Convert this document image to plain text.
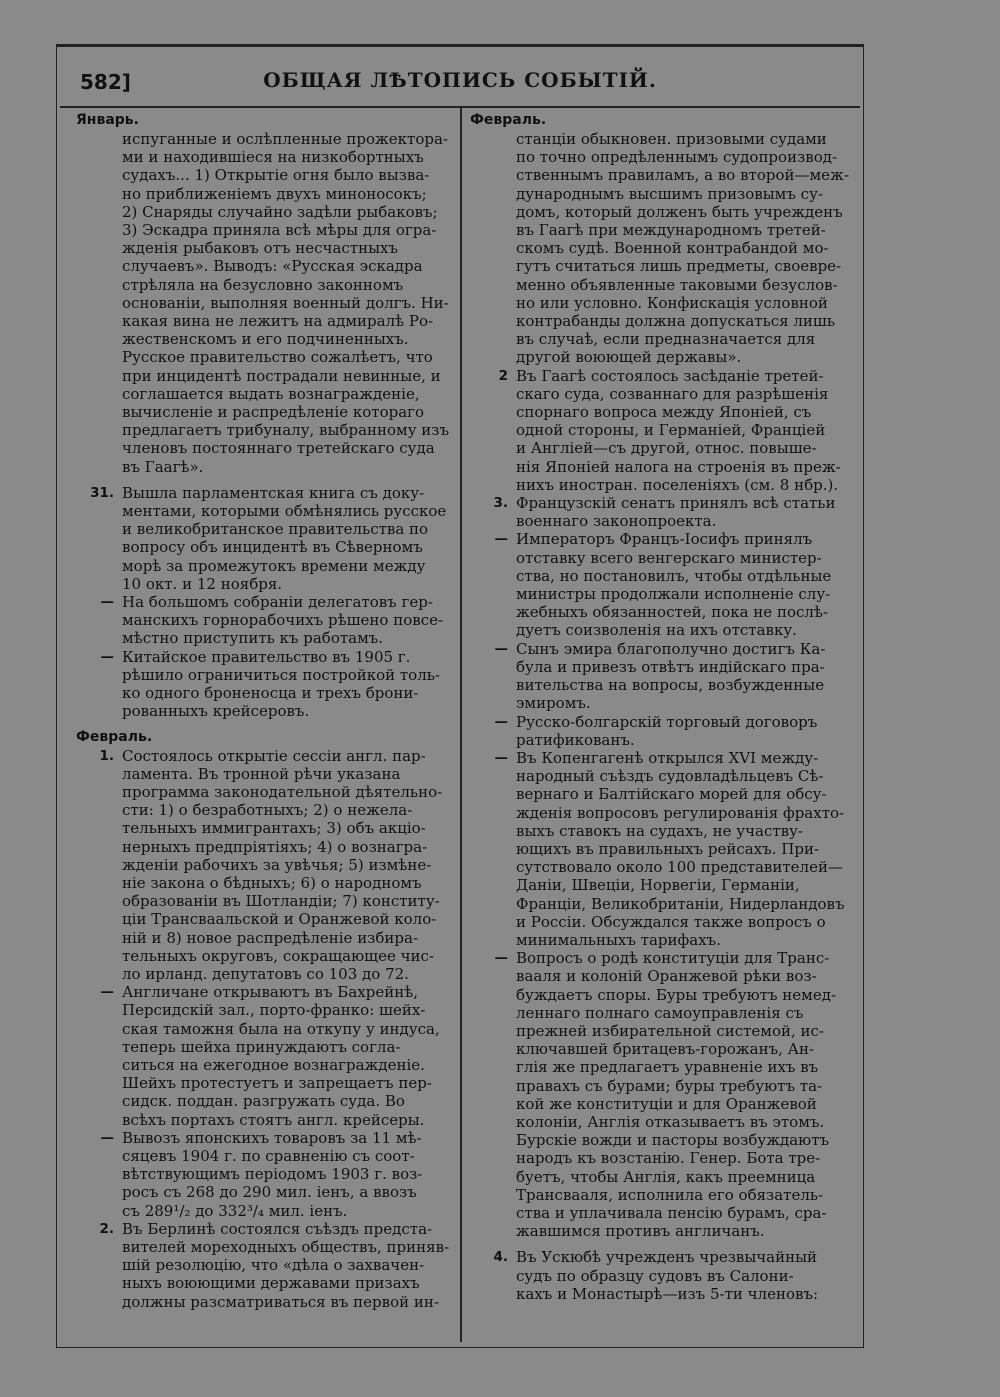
582]	ОБЩАЯ ЛѢТОПИСЬ СОБЫТІЙ.
Январь.
испуганные и ослѣпленные прожектора-
ми и находившіеся на низкобортныхъ
судахъ... 1) Открытіе огня было вызва-
но приближеніемъ двухъ миноносокъ;
2) Снаряды случайно задѣли рыбаковъ;
3) Эскадра приняла всѣ мѣры для огра-
жденія рыбаковъ отъ несчастныхъ
случаевъ». Выводъ: «Русская эскадра
стрѣляла на безусловно законномъ
основаніи, выполняя военный долгъ. Ни-
какая вина не лежитъ на адмиралѣ Ро-
жественскомъ и его подчиненныхъ.
Русское правительство сожалѣетъ, что
при инцидентѣ пострадали невинные, и
соглашается выдать вознагражденіе,
вычисленіе и распредѣленіе котораго
предлагаетъ трибуналу, выбранному изъ
членовъ постояннаго третейскаго суда
въ Гаагѣ».
31. Вышла парламентская книга съ доку-
ментами, которыми обмѣнялись русское
и великобританское правительства по
вопросу объ инцидентѣ въ Сѣверномъ
морѣ за промежутокъ времени между
10 окт. и 12 ноября.
— На большомъ собраніи делегатовъ гер-
манскихъ горнорабочихъ рѣшено повсе-
мѣстно приступить къ работамъ.
— Китайское правительство въ 1905 г.
рѣшило ограничиться постройкой толь-
ко одного броненосца и трехъ брони-
рованныхъ крейсеровъ.
Февраль.
1. Состоялось открытіе сессіи англ. пар-
ламента. Въ тронной рѣчи указана
программа законодательной дѣятельно-
сти: 1) о безработныхъ; 2) о нежела-
тельныхъ иммигрантахъ; 3) объ акціо-
нерныхъ предпріятіяхъ; 4) о вознагра-
жденіи рабочихъ за увѣчья; 5) измѣне-
ніе закона о бѣдныхъ; 6) о народномъ
образованіи въ Шотландіи; 7) конститу-
ціи Трансваальской и Оранжевой коло-
ній и 8) новое распредѣленіе избира-
тельныхъ округовъ, сокращающее чис-
ло ирланд. депутатовъ со 103 до 72.
— Англичане открываютъ въ Бахрейнѣ,
Персидскій зал., порто-франко: шейх-
ская таможня была на откупу у индуса,
теперь шейха принуждаютъ согла-
ситься на ежегодное вознагражденіе.
Шейхъ протестуетъ и запрещаетъ пер-
сидск. поддан. разгружать суда. Во
всѣхъ портахъ стоятъ англ. крейсеры.
— Вывозъ японскихъ товаровъ за 11 мѣ-
сяцевъ 1904 г. по сравненію съ соот-
вѣтствующимъ періодомъ 1903 г. воз-
росъ съ 268 до 290 мил. іенъ, а ввозъ
съ 289¹/₂ до 332³/₄ мил. іенъ.
2. Въ Берлинѣ состоялся съѣздъ предста-
вителей мореходныхъ обществъ, приняв-
шій резолюцію, что «дѣла о захвачен-
ныхъ воюющими державами призахъ
должны разсматриваться въ первой ин-
Февраль.
станціи обыкновен. призовыми судами
по точно опредѣленнымъ судопроизвод-
ственнымъ правиламъ, а во второй—меж-
дународнымъ высшимъ призовымъ су-
домъ, который долженъ быть учрежденъ
въ Гаагѣ при международномъ третей-
скомъ судѣ. Военной контрабандой мо-
гутъ считаться лишь предметы, своевре-
менно объявленные таковыми безуслов-
но или условно. Конфискація условной
контрабанды должна допускаться лишь
въ случаѣ, если предназначается для
другой воюющей державы».
2 Въ Гаагѣ состоялось засѣданіе третей-
скаго суда, созваннаго для разрѣшенія
спорнаго вопроса между Японіей, съ
одной стороны, и Германіей, Франціей
и Англіей—съ другой, относ. повыше-
нія Японіей налога на строенія въ преж-
нихъ иностран. поселеніяхъ (см. 8 нбр.).
3. Французскій сенатъ принялъ всѣ статьи
военнаго законопроекта.
— Императоръ Францъ-Іосифъ принялъ
отставку всего венгерскаго министер-
ства, но постановилъ, чтобы отдѣльные
министры продолжали исполненіе слу-
жебныхъ обязанностей, пока не послѣ-
дуетъ соизволенія на ихъ отставку.
— Сынъ эмира благополучно достигъ Ка-
була и привезъ отвѣтъ индійскаго пра-
вительства на вопросы, возбужденные
эмиромъ.
— Русско-болгарскій торговый договоръ
ратификованъ.
— Въ Копенгагенѣ открылся XVI между-
народный съѣздъ судовладѣльцевъ Сѣ-
вернаго и Балтійскаго морей для обсу-
жденія вопросовъ регулированія фрахто-
выхъ ставокъ на судахъ, не участву-
ющихъ въ правильныхъ рейсахъ. При-
сутствовало около 100 представителей—
Даніи, Швеціи, Норвегіи, Германіи,
Франціи, Великобританіи, Нидерландовъ
и Россіи. Обсуждался также вопросъ о
минимальныхъ тарифахъ.
— Вопросъ о родѣ конституціи для Транс-
вааля и колоній Оранжевой рѣки воз-
буждаетъ споры. Буры требуютъ немед-
леннаго полнаго самоуправленія съ
прежней избирательной системой, ис-
ключавшей бритацевъ-горожанъ, Ан-
глія же предлагаетъ уравненіе ихъ въ
правахъ съ бурами; буры требуютъ та-
кой же конституціи и для Оранжевой
колоніи, Англія отказываетъ въ этомъ.
Бурскіе вожди и пасторы возбуждаютъ
народъ къ возстанію. Генер. Бота тре-
буетъ, чтобы Англія, какъ преемница
Трансвааля, исполнила его обязатель-
ства и уплачивала пенсію бурамъ, сра-
жавшимся противъ англичанъ.
4. Въ Ускюбѣ учрежденъ чрезвычайный
судъ по образцу судовъ въ Салони-
кахъ и Монастырѣ—изъ 5-ти членовъ:
